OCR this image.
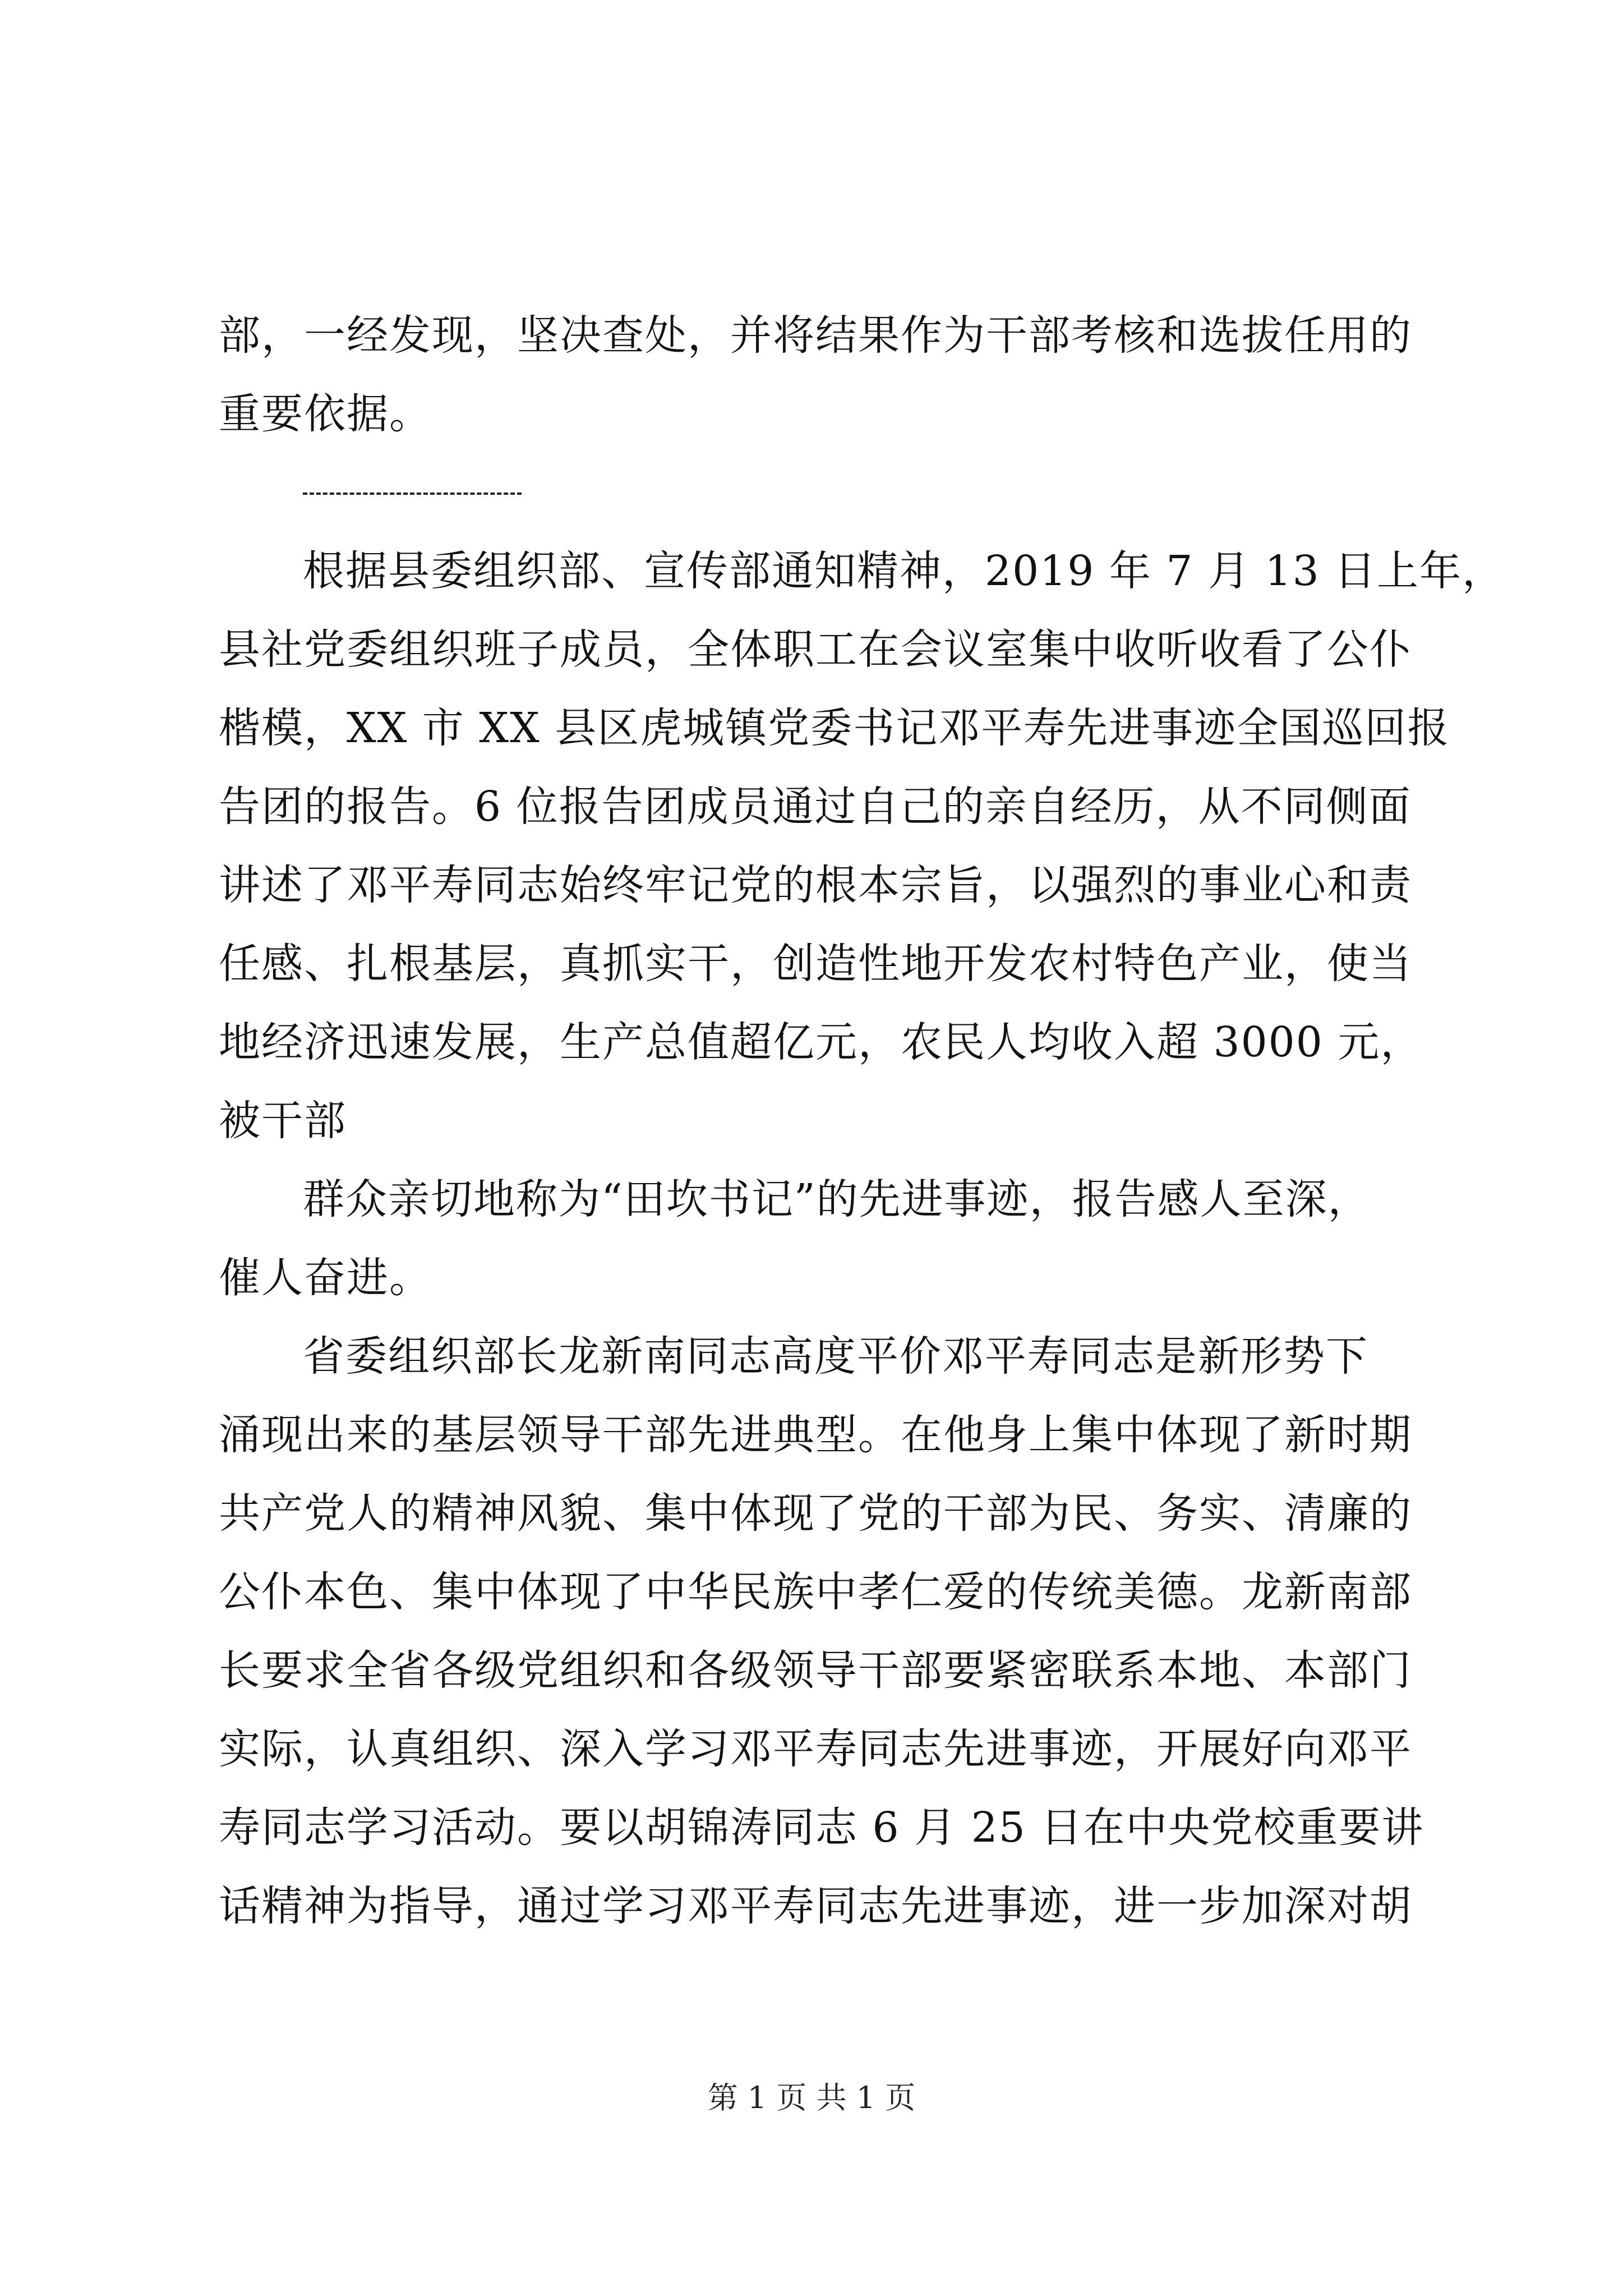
部，一经发现，坚决查处，并将结果作为干部考核和选拔任用的
重要依据。
根据县委组织部、宣传部通知精神，2019 年 7 月 13 日上年，
县社党委组织班子成员，全体职工在会议室集中收听收看了公仆
楷模，XX 市 XX 县区虎城镇党委书记邓平寿先进事迹全国巡回报
告团的报告。6 位报告团成员通过自己的亲自经历，从不同侧面
讲述了邓平寿同志始终牢记党的根本宗旨，以强烈的事业心和责
任感、扎根基层，真抓实干，创造性地开发农村特色产业，使当
地经济迅速发展，生产总值超亿元，农民人均收入超 3000 元，
被干部
群众亲切地称为“田坎书记”的先进事迹，报告感人至深，
催人奋进。
省委组织部长龙新南同志高度平价邓平寿同志是新形势下
涌现出来的基层领导干部先进典型。在他身上集中体现了新时期
共产党人的精神风貌、集中体现了党的干部为民、务实、清廉的
公仆本色、集中体现了中华民族中孝仁爱的传统美德。龙新南部
长要求全省各级党组织和各级领导干部要紧密联系本地、本部门
实际，认真组织、深入学习邓平寿同志先进事迹，开展好向邓平
寿同志学习活动。要以胡锦涛同志 6 月 25 日在中央党校重要讲
话精神为指导，通过学习邓平寿同志先进事迹，进一步加深对胡
第 1 页 共 1 页
